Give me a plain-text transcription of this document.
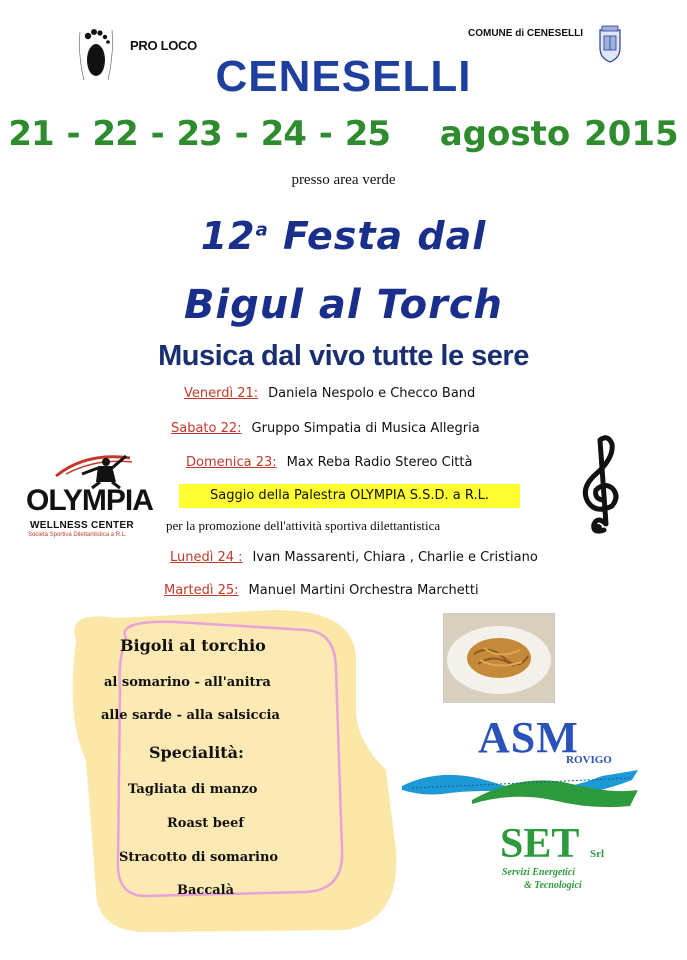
PRO LOCO
COMUNE di CENESELLI
CENESELLI
21 - 22 - 23 - 24 - 25 agosto 2015
presso area verde
12$^a$ Festa dal
Bigul al Torch
Musica dal vivo tutte le sere
Venerdì 21: Daniela Nespolo e Checco Band
Sabato 22: Gruppo Simpatia di Musica Allegria
Domenica 23: Max Reba Radio Stereo Città
Saggio della Palestra OLYMPIA S.S.D. a R.L.
per la promozione dell'attività sportiva dilettantistica
Lunedì 24 : Ivan Massarenti, Chiara , Charlie e Cristiano
Martedì 25: Manuel Martini Orchestra Marchetti
OLYMPIA
WELLNESS CENTER
Società Sportiva Dilettantistica a R.L.
Bigoli al torchio
al somarino - all'anitra
alle sarde - alla salsiccia
Specialità:
Tagliata di manzo
Roast beef
Stracotto di somarino
Baccalà
ASM
ROVIGO
SET Srl
Servizi Energetici
& Tecnologici
